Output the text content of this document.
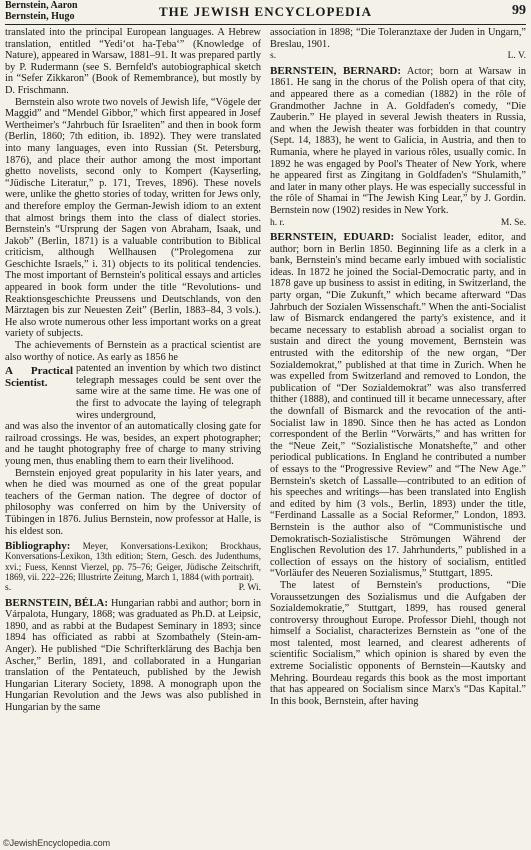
Bernstein, Aaron
Bernstein, Hugo	THE JEWISH ENCYCLOPEDIA	99

translated into the principal European languages. A Hebrew translation, entitled “Yedi‘ot ha-Ṭeba‘” (Knowledge of Nature), appeared in Warsaw, 1881–91. It was prepared partly by P. Rudermann (see S. Bernfeld's autobiographical sketch in “Sefer Zikkaron” (Book of Remembrance), but mostly by D. Frischmann.

Bernstein also wrote two novels of Jewish life, “Vögele der Maggid” and “Mendel Gibbor,” which first appeared in Josef Wertheimer's “Jahrbuch für Israeliten” and then in book form (Berlin, 1860; 7th edition, ib. 1892). They were translated into many languages, even into Russian (St. Petersburg, 1876), and place their author among the most important ghetto novelists, second only to Kompert (Kayserling, “Jüdische Literatur,” p. 171, Treves, 1896). These novels were, unlike the ghetto stories of today, written for Jews only, and therefore employ the German-Jewish idiom to an extent that almost brings them into the class of dialect stories. Bernstein's “Ursprung der Sagen von Abraham, Isaak, und Jakob” (Berlin, 1871) is a valuable contribution to Biblical criticism, although Wellhausen (“Prolegomena zur Geschichte Israels,” i. 31) objects to its political tendencies. The most important of Bernstein's political essays and articles appeared in book form under the title “Revolutions- und Reaktionsgeschichte Preussens und Deutschlands, von den Märztagen bis zur Neuesten Zeit” (Berlin, 1883–84, 3 vols.). He also wrote numerous other less important works on a great variety of subjects.

The achievements of Bernstein as a practical scientist are also worthy of notice. As early as 1856 he

A Practical Scientist.

patented an invention by which two distinct telegraph messages could be sent over the same wire at the same time. He was one of the first to advocate the laying of telegraph wires underground,

and was also the inventor of an automatically closing gate for railroad crossings. He was, besides, an expert photographer; and he taught photography free of charge to many striving young men, thus enabling them to earn their livelihood.

Bernstein enjoyed great popularity in his later years, and when he died was mourned as one of the great popular teachers of the German nation. The degree of doctor of philosophy was conferred on him by the University of Tübingen in 1876. Julius Bernstein, now professor at Halle, is his eldest son.

Bibliography: Meyer, Konversations-Lexikon; Brockhaus, Konversations-Lexikon, 13th edition; Stern, Gesch. des Judenthums, xvi.; Fuess, Kennst Vierzel, pp. 75–76; Geiger, Jüdische Zeitschrift, 1869, vii. 222–226; Illustrirte Zeitung, March 1, 1884 (with portrait).

s.	P. Wi.

BERNSTEIN, BÉLA: Hungarian rabbi and author; born in Várpalota, Hungary, 1868; was graduated as Ph.D. at Leipsic, 1890, and as rabbi at the Budapest Seminary in 1893; since 1894 has officiated as rabbi at Szombathely (Stein-am-Anger). He published “Die Schrifterklärung des Bachja ben Ascher,” Berlin, 1891, and collaborated in a Hungarian translation of the Pentateuch, published by the Jewish Hungarian Literary Society, 1898. A monograph upon the Hungarian Revolution and the Jews was also published in Hungarian by the same

association in 1898; “Die Toleranztaxe der Juden in Ungarn,” Breslau, 1901.

s.	L. V.

BERNSTEIN, BERNARD: Actor; born at Warsaw in 1861. He sang in the chorus of the Polish opera of that city, and appeared there as a comedian (1882) in the rôle of Grandmother Jachne in A. Goldfaden's comedy, “Die Zauberin.” He played in several Jewish theaters in Russia, and when the Jewish theater was forbidden in that country (Sept. 14, 1883), he went to Galicia, in Austria, and then to Rumania, where he played in various rôles, usually comic. In 1892 he was engaged by Pool's Theater of New York, where he appeared first as Zingitang in Goldfaden's “Shulamith,” and later in many other plays. He was especially successful in the rôle of Shamai in “The Jewish King Lear,” by J. Gordin. Bernstein now (1902) resides in New York.

h. r.	M. Se.

BERNSTEIN, EDUARD: Socialist leader, editor, and author; born in Berlin 1850. Beginning life as a clerk in a bank, Bernstein's mind became early imbued with socialistic ideas. In 1872 he joined the Social-Democratic party, and in 1878 gave up business to assist in editing, in Switzerland, the party organ, “Die Zukunft,” which became afterward “Das Jahrbuch der Sozialen Wissenschaft.” When the anti-Socialist law of Bismarck endangered the party's existence, and it became necessary to establish abroad a socialist organ to sustain and direct the young movement, Bernstein was entrusted with the editorship of the new organ, “Der Sozialdemokrat,” published at that time in Zurich. When he was expelled from Switzerland and removed to London, the publication of “Der Sozialdemokrat” was also transferred thither (1888), and continued till it became unnecessary, after the downfall of Bismarck and the revocation of the anti-Socialist law in 1890. Since then he has acted as London correspondent of the Berlin “Vorwärts,” and has written for the “Neue Zeit,” “Sozialistische Monatshefte,” and other periodical publications. In England he contributed a number of essays to the “Progressive Review” and “The New Age.” Bernstein's sketch of Lassalle—contributed to an edition of his speeches and writings—has been translated into English and edited by him (3 vols., Berlin, 1893) under the title, “Ferdinand Lassalle as a Social Reformer,” London, 1893. Bernstein is the author also of “Communistische und Demokratisch-Sozialistische Strömungen Während der Englischen Revolution des 17. Jahrhunderts,” published in a collection of essays on the history of socialism, entitled “Vorläufer des Neueren Sozialismus,” Stuttgart, 1895.

The latest of Bernstein's productions, “Die Voraussetzungen des Sozialismus und die Aufgaben der Sozialdemokratie,” Stuttgart, 1899, has roused general controversy throughout Europe. Professor Diehl, though not himself a Socialist, characterizes Bernstein as “one of the most talented, most learned, and clearest adherents of scientific Socialism,” which opinion is shared by even the extreme Socialistic opponents of Bernstein—Kautsky and Mehring. Bourdeau regards this book as the most important that has appeared on Socialism since Marx's “Das Kapital.” In this book, Bernstein, after having

©JewishEncyclopedia.com
